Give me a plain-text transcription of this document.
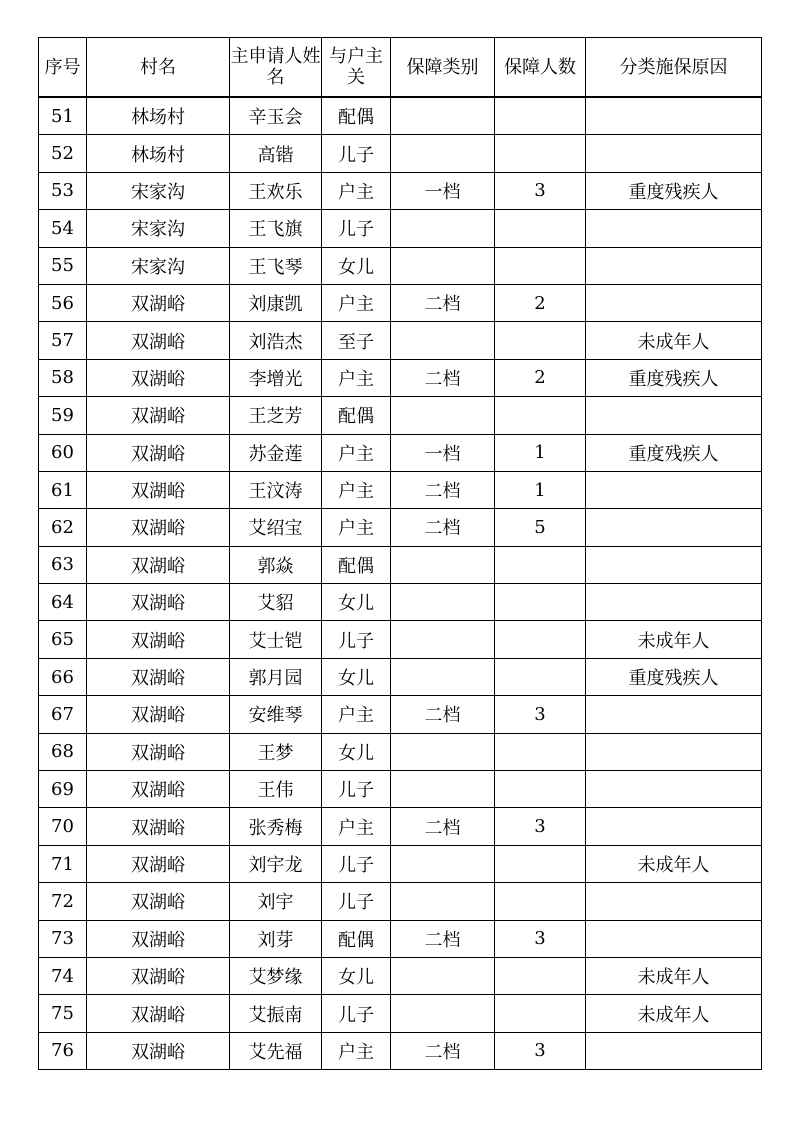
序号	村名	主申请人姓名	与户主关	保障类别	保障人数	分类施保原因
51	林场村	辛玉会	配偶			
52	林场村	高锴	儿子			
53	宋家沟	王欢乐	户主	一档	3	重度残疾人
54	宋家沟	王飞旗	儿子			
55	宋家沟	王飞琴	女儿			
56	双湖峪	刘康凯	户主	二档	2	
57	双湖峪	刘浩杰	至子			未成年人
58	双湖峪	李增光	户主	二档	2	重度残疾人
59	双湖峪	王芝芳	配偶			
60	双湖峪	苏金莲	户主	一档	1	重度残疾人
61	双湖峪	王汶涛	户主	二档	1	
62	双湖峪	艾绍宝	户主	二档	5	
63	双湖峪	郭焱	配偶			
64	双湖峪	艾貂	女儿			
65	双湖峪	艾士铠	儿子			未成年人
66	双湖峪	郭月园	女儿			重度残疾人
67	双湖峪	安维琴	户主	二档	3	
68	双湖峪	王梦	女儿			
69	双湖峪	王伟	儿子			
70	双湖峪	张秀梅	户主	二档	3	
71	双湖峪	刘宇龙	儿子			未成年人
72	双湖峪	刘宇	儿子			
73	双湖峪	刘芽	配偶	二档	3	
74	双湖峪	艾梦缘	女儿			未成年人
75	双湖峪	艾振南	儿子			未成年人
76	双湖峪	艾先福	户主	二档	3	
